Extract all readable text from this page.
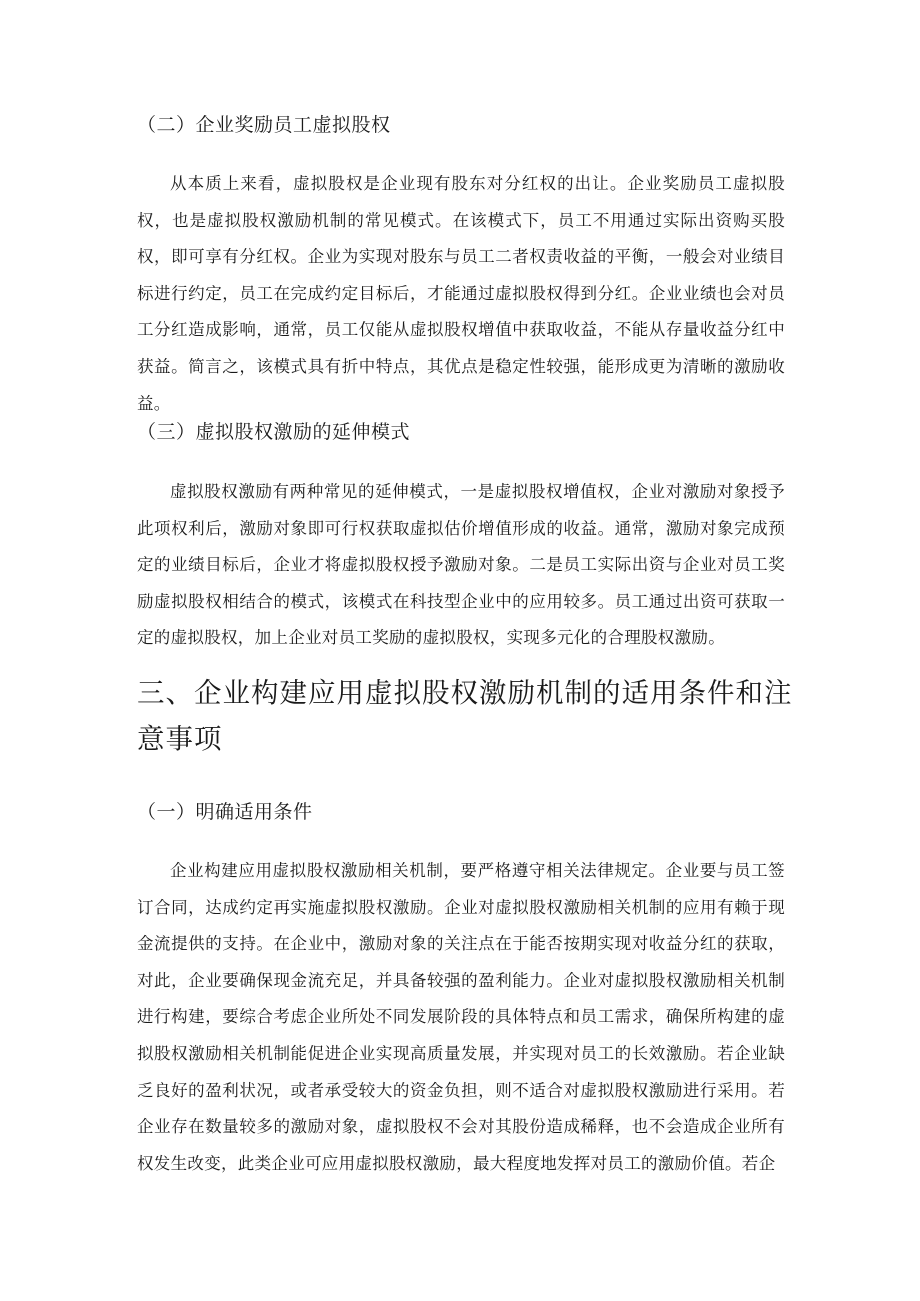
（二）企业奖励员工虚拟股权

从本质上来看，虚拟股权是企业现有股东对分红权的出让。企业奖励员工虚拟股权，也是虚拟股权激励机制的常见模式。在该模式下，员工不用通过实际出资购买股权，即可享有分红权。企业为实现对股东与员工二者权责收益的平衡，一般会对业绩目标进行约定，员工在完成约定目标后，才能通过虚拟股权得到分红。企业业绩也会对员工分红造成影响，通常，员工仅能从虚拟股权增值中获取收益，不能从存量收益分红中获益。简言之，该模式具有折中特点，其优点是稳定性较强，能形成更为清晰的激励收益。

（三）虚拟股权激励的延伸模式

虚拟股权激励有两种常见的延伸模式，一是虚拟股权增值权，企业对激励对象授予此项权利后，激励对象即可行权获取虚拟估价增值形成的收益。通常，激励对象完成预定的业绩目标后，企业才将虚拟股权授予激励对象。二是员工实际出资与企业对员工奖励虚拟股权相结合的模式，该模式在科技型企业中的应用较多。员工通过出资可获取一定的虚拟股权，加上企业对员工奖励的虚拟股权，实现多元化的合理股权激励。

三、企业构建应用虚拟股权激励机制的适用条件和注意事项
（一）明确适用条件

企业构建应用虚拟股权激励相关机制，要严格遵守相关法律规定。企业要与员工签订合同，达成约定再实施虚拟股权激励。企业对虚拟股权激励相关机制的应用有赖于现金流提供的支持。在企业中，激励对象的关注点在于能否按期实现对收益分红的获取，对此，企业要确保现金流充足，并具备较强的盈利能力。企业对虚拟股权激励相关机制进行构建，要综合考虑企业所处不同发展阶段的具体特点和员工需求，确保所构建的虚拟股权激励相关机制能促进企业实现高质量发展，并实现对员工的长效激励。若企业缺乏良好的盈利状况，或者承受较大的资金负担，则不适合对虚拟股权激励进行采用。若企业存在数量较多的激励对象，虚拟股权不会对其股份造成稀释，也不会造成企业所有权发生改变，此类企业可应用虚拟股权激励，最大程度地发挥对员工的激励价值。若企
